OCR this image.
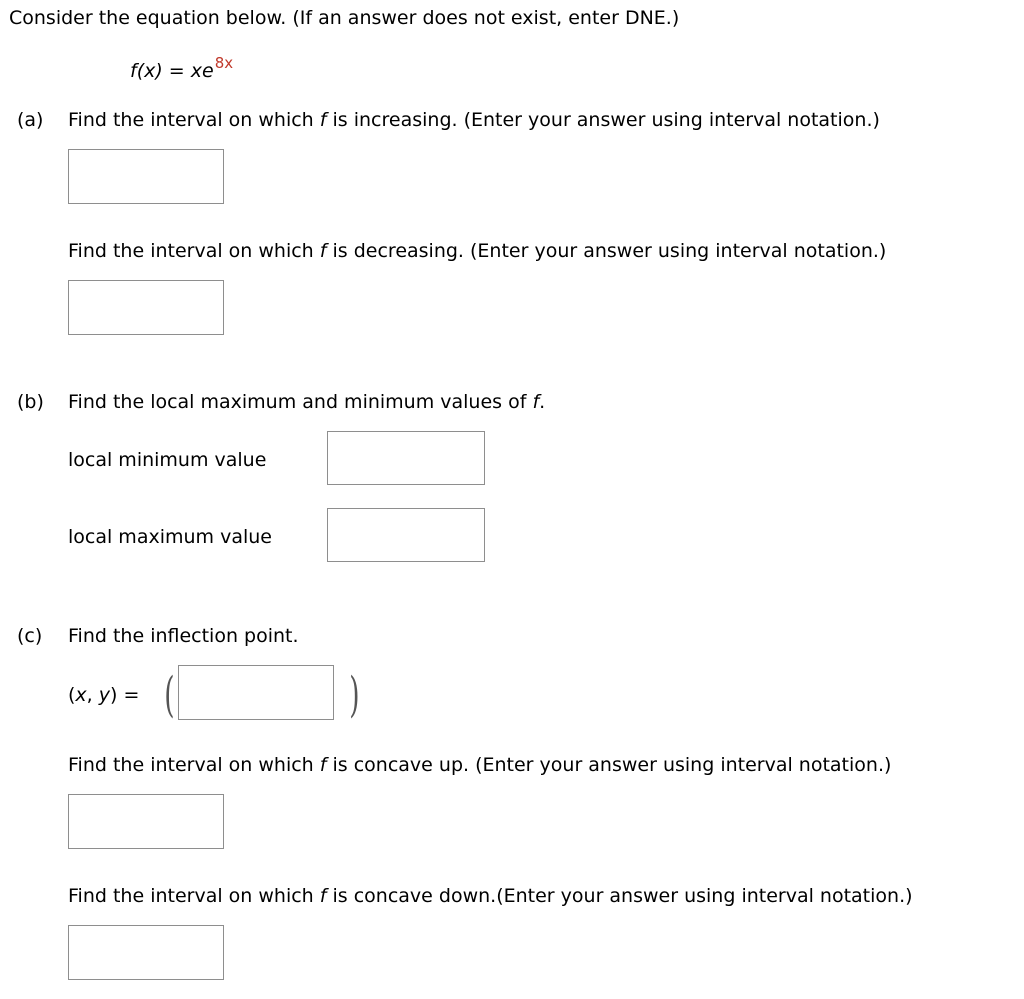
Consider the equation below. (If an answer does not exist, enter DNE.)
$f(x) = xe^{8x}$
(a) Find the interval on which f is increasing. (Enter your answer using interval notation.)
Find the interval on which f is decreasing. (Enter your answer using interval notation.)
(b) Find the local maximum and minimum values of f.
local minimum value
local maximum value
(c) Find the inflection point.
(x, y) = (	)
Find the interval on which f is concave up. (Enter your answer using interval notation.)
Find the interval on which f is concave down.(Enter your answer using interval notation.)
